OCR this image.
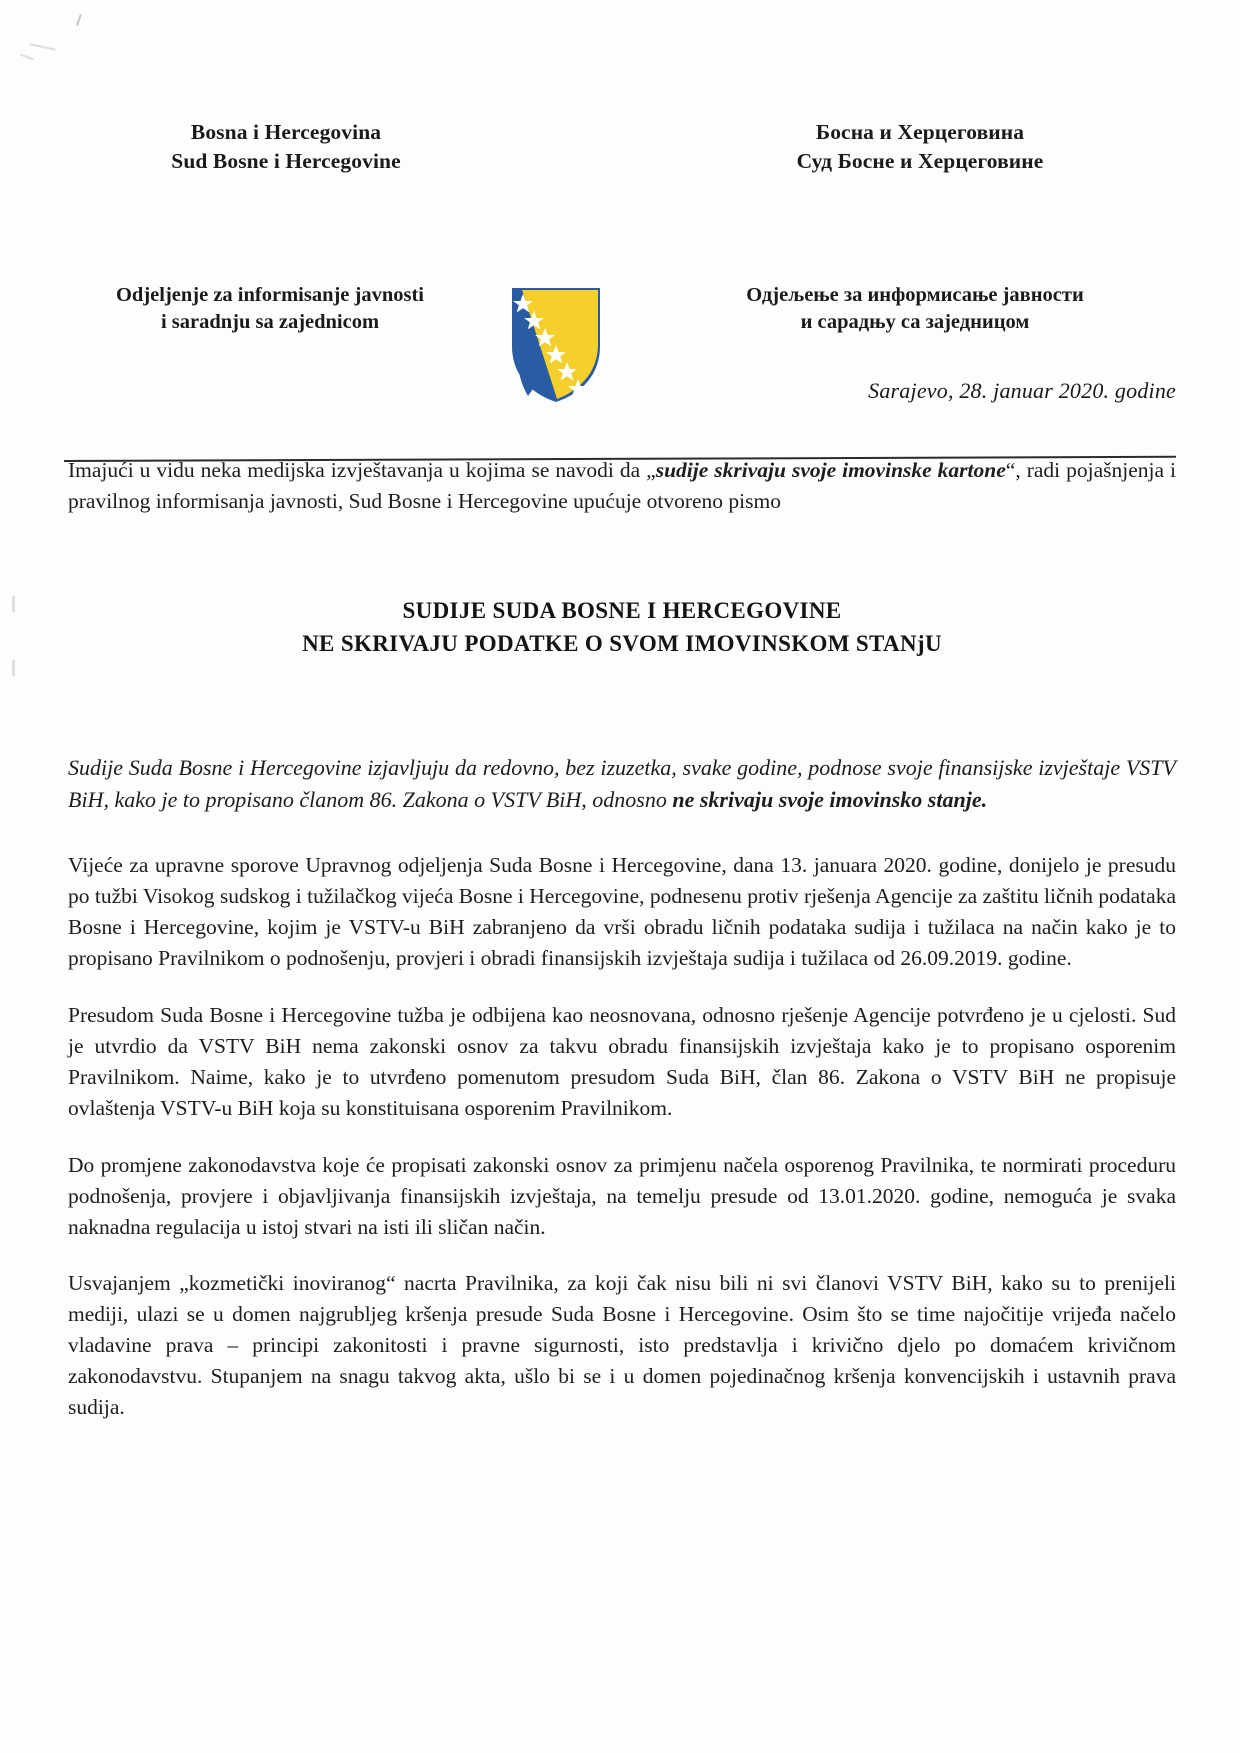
Bosna i Hercegovina
Sud Bosne i Hercegovine
Босна и Херцеговина
Суд Босне и Херцеговине
Odjeljenje za informisanje javnosti
i saradnju sa zajednicom
Одјељење за информисање јавности
и сарадњу са заједницом
Sarajevo, 28. januar 2020. godine

Imajući u vidu neka medijska izvještavanja u kojima se navodi da „sudije skrivaju svoje imovinske kartone“, radi pojašnjenja i pravilnog informisanja javnosti, Sud Bosne i Hercegovine upućuje otvoreno pismo

SUDIJE SUDA BOSNE I HERCEGOVINE
NE SKRIVAJU PODATKE O SVOM IMOVINSKOM STANjU

Sudije Suda Bosne i Hercegovine izjavljuju da redovno, bez izuzetka, svake godine, podnose svoje finansijske izvještaje VSTV BiH, kako je to propisano članom 86. Zakona o VSTV BiH, odnosno ne skrivaju svoje imovinsko stanje.

Vijeće za upravne sporove Upravnog odjeljenja Suda Bosne i Hercegovine, dana 13. januara 2020. godine, donijelo je presudu po tužbi Visokog sudskog i tužilačkog vijeća Bosne i Hercegovine, podnesenu protiv rješenja Agencije za zaštitu ličnih podataka Bosne i Hercegovine, kojim je VSTV-u BiH zabranjeno da vrši obradu ličnih podataka sudija i tužilaca na način kako je to propisano Pravilnikom o podnošenju, provjeri i obradi finansijskih izvještaja sudija i tužilaca od 26.09.2019. godine.

Presudom Suda Bosne i Hercegovine tužba je odbijena kao neosnovana, odnosno rješenje Agencije potvrđeno je u cjelosti. Sud je utvrdio da VSTV BiH nema zakonski osnov za takvu obradu finansijskih izvještaja kako je to propisano osporenim Pravilnikom. Naime, kako je to utvrđeno pomenutom presudom Suda BiH, član 86. Zakona o VSTV BiH ne propisuje ovlaštenja VSTV-u BiH koja su konstituisana osporenim Pravilnikom.

Do promjene zakonodavstva koje će propisati zakonski osnov za primjenu načela osporenog Pravilnika, te normirati proceduru podnošenja, provjere i objavljivanja finansijskih izvještaja, na temelju presude od 13.01.2020. godine, nemoguća je svaka naknadna regulacija u istoj stvari na isti ili sličan način.

Usvajanjem „kozmetički inoviranog“ nacrta Pravilnika, za koji čak nisu bili ni svi članovi VSTV BiH, kako su to prenijeli mediji, ulazi se u domen najgrubljeg kršenja presude Suda Bosne i Hercegovine. Osim što se time najočitije vrijeđa načelo vladavine prava – principi zakonitosti i pravne sigurnosti, isto predstavlja i krivično djelo po domaćem krivičnom zakonodavstvu. Stupanjem na snagu takvog akta, ušlo bi se i u domen pojedinačnog kršenja konvencijskih i ustavnih prava sudija.
